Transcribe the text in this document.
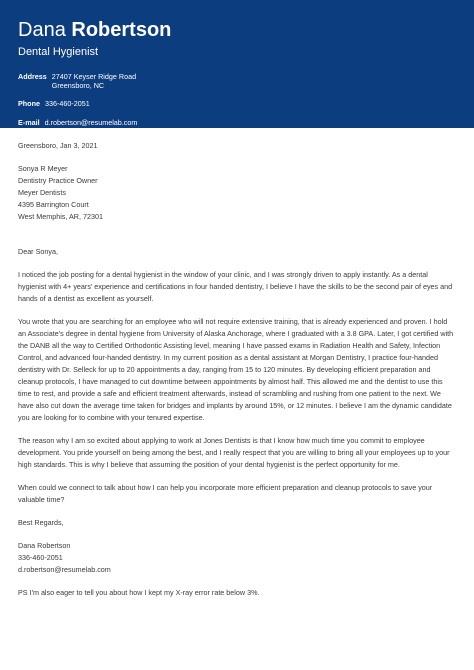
Dana Robertson
Dental Hygienist
Address 27407 Keyser Ridge Road
Greensboro, NC
Phone 336-460-2051
E-mail d.robertson@resumelab.com
Greensboro, Jan 3, 2021
Sonya R Meyer
Dentistry Practice Owner
Meyer Dentists
4395 Barrington Court
West Memphis, AR, 72301
Dear Sonya,
I noticed the job posting for a dental hygienist in the window of your clinic, and I was strongly driven to apply instantly. As a dental hygienist with 4+ years' experience and certifications in four handed dentistry, I believe I have the skills to be the second pair of eyes and hands of a dentist as excellent as yourself.
You wrote that you are searching for an employee who will not require extensive training, that is already experienced and proven. I hold an Associate's degree in dental hygiene from University of Alaska Anchorage, where I graduated with a 3.8 GPA. Later, I got certified with the DANB all the way to Certified Orthodontic Assisting level, meaning I have passed exams in Radiation Health and Safety, Infection Control, and advanced four-handed dentistry. In my current position as a dental assistant at Morgan Dentistry, I practice four-handed dentistry with Dr. Selleck for up to 20 appointments a day, ranging from 15 to 120 minutes. By developing efficient preparation and cleanup protocols, I have managed to cut downtime between appointments by almost half. This allowed me and the dentist to use this time to rest, and provide a safe and efficient treatment afterwards, instead of scrambling and rushing from one patient to the next. We have also cut down the average time taken for bridges and implants by around 15%, or 12 minutes. I believe I am the dynamic candidate you are looking for to combine with your tenured expertise.
The reason why I am so excited about applying to work at Jones Dentists is that I know how much time you commit to employee development. You pride yourself on being among the best, and I really respect that you are willing to bring all your employees up to your high standards. This is why I believe that assuming the position of your dental hygienist is the perfect opportunity for me.
When could we connect to talk about how I can help you incorporate more efficient preparation and cleanup protocols to save your valuable time?
Best Regards,
Dana Robertson
336-460-2051
d.robertson@resumelab.com
PS I'm also eager to tell you about how I kept my X-ray error rate below 3%.
